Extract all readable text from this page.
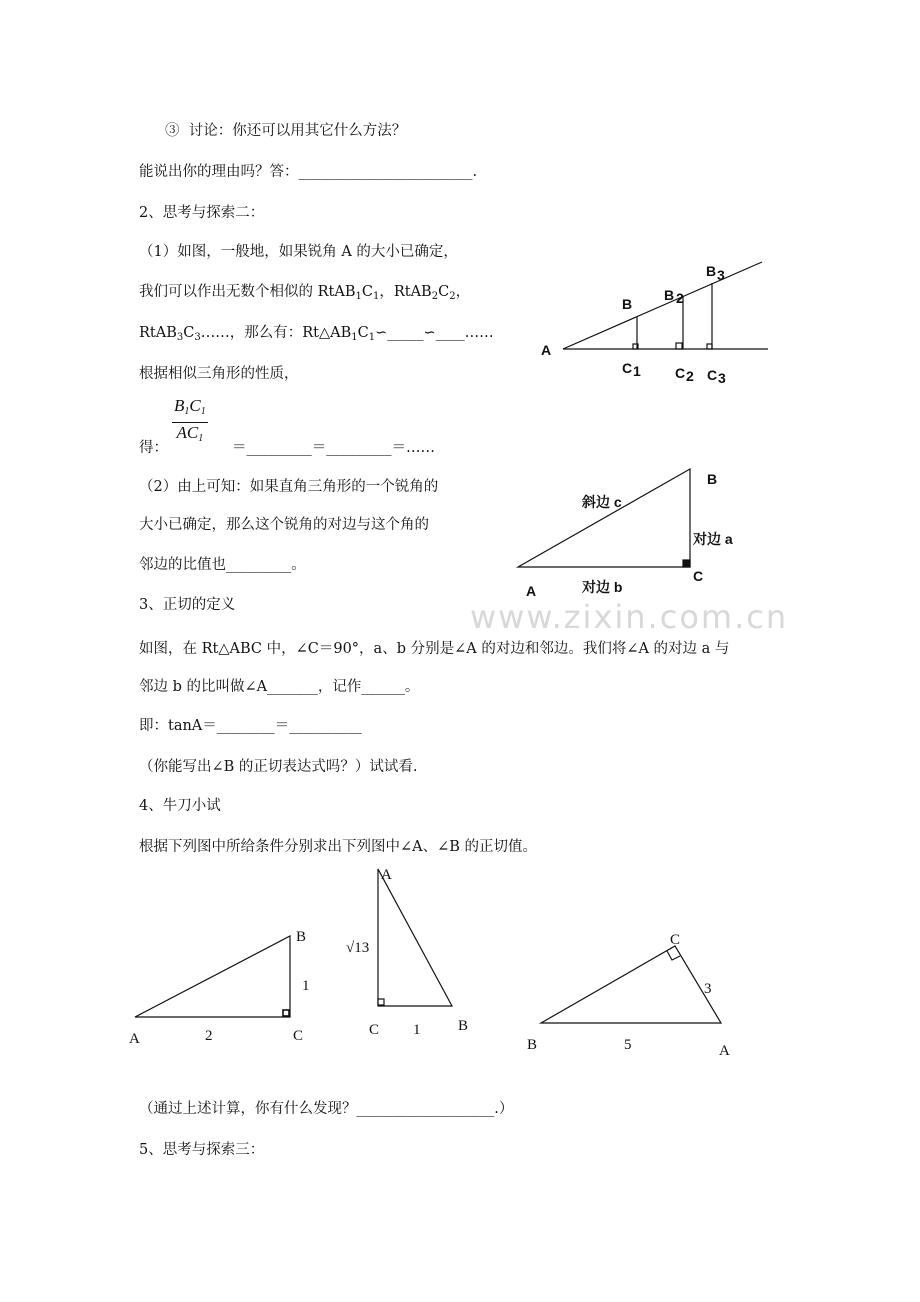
www.zixin.com.cn
③  讨论：你还可以用其它什么方法？
能说出你的理由吗？答：________________________.
2、思考与探索二：
（1）如图，一般地，如果锐角 A 的大小已确定，
我们可以作出无数个相似的 $RtAB_1C_1$，$RtAB_2C_2$，
$RtAB_3C_3\dots\dots$，那么有：$Rt\triangle AB_1C_1∽\_\_\_\_\_∽\_\_\_\_\dots\dots$
根据相似三角形的性质，
$\frac{B_1C_1}{AC_1}$
得：	＝_________＝_________＝……
（2）由上可知：如果直角三角形的一个锐角的
大小已确定，那么这个锐角的对边与这个角的
邻边的比值也_________。
3、正切的定义
如图，在 Rt△ABC 中，∠C＝90°，a、b 分别是∠A 的对边和邻边。我们将∠A 的对边 a 与
邻边 b 的比叫做∠A_______，记作______。
即：tanA＝________＝__________
（你能写出∠B 的正切表达式吗？）试试看.
4、牛刀小试
根据下列图中所给条件分别求出下列图中∠A、∠B 的正切值。
（通过上述计算，你有什么发现？___________________.）
5、思考与探索三：
A
B
B 2
B 3
C 1 C 2 C 3
A
B
C
斜边 c
对边 a
对边 b
A
B
C
1
2
A
√13
C 1	B
C
3
B	5	A
